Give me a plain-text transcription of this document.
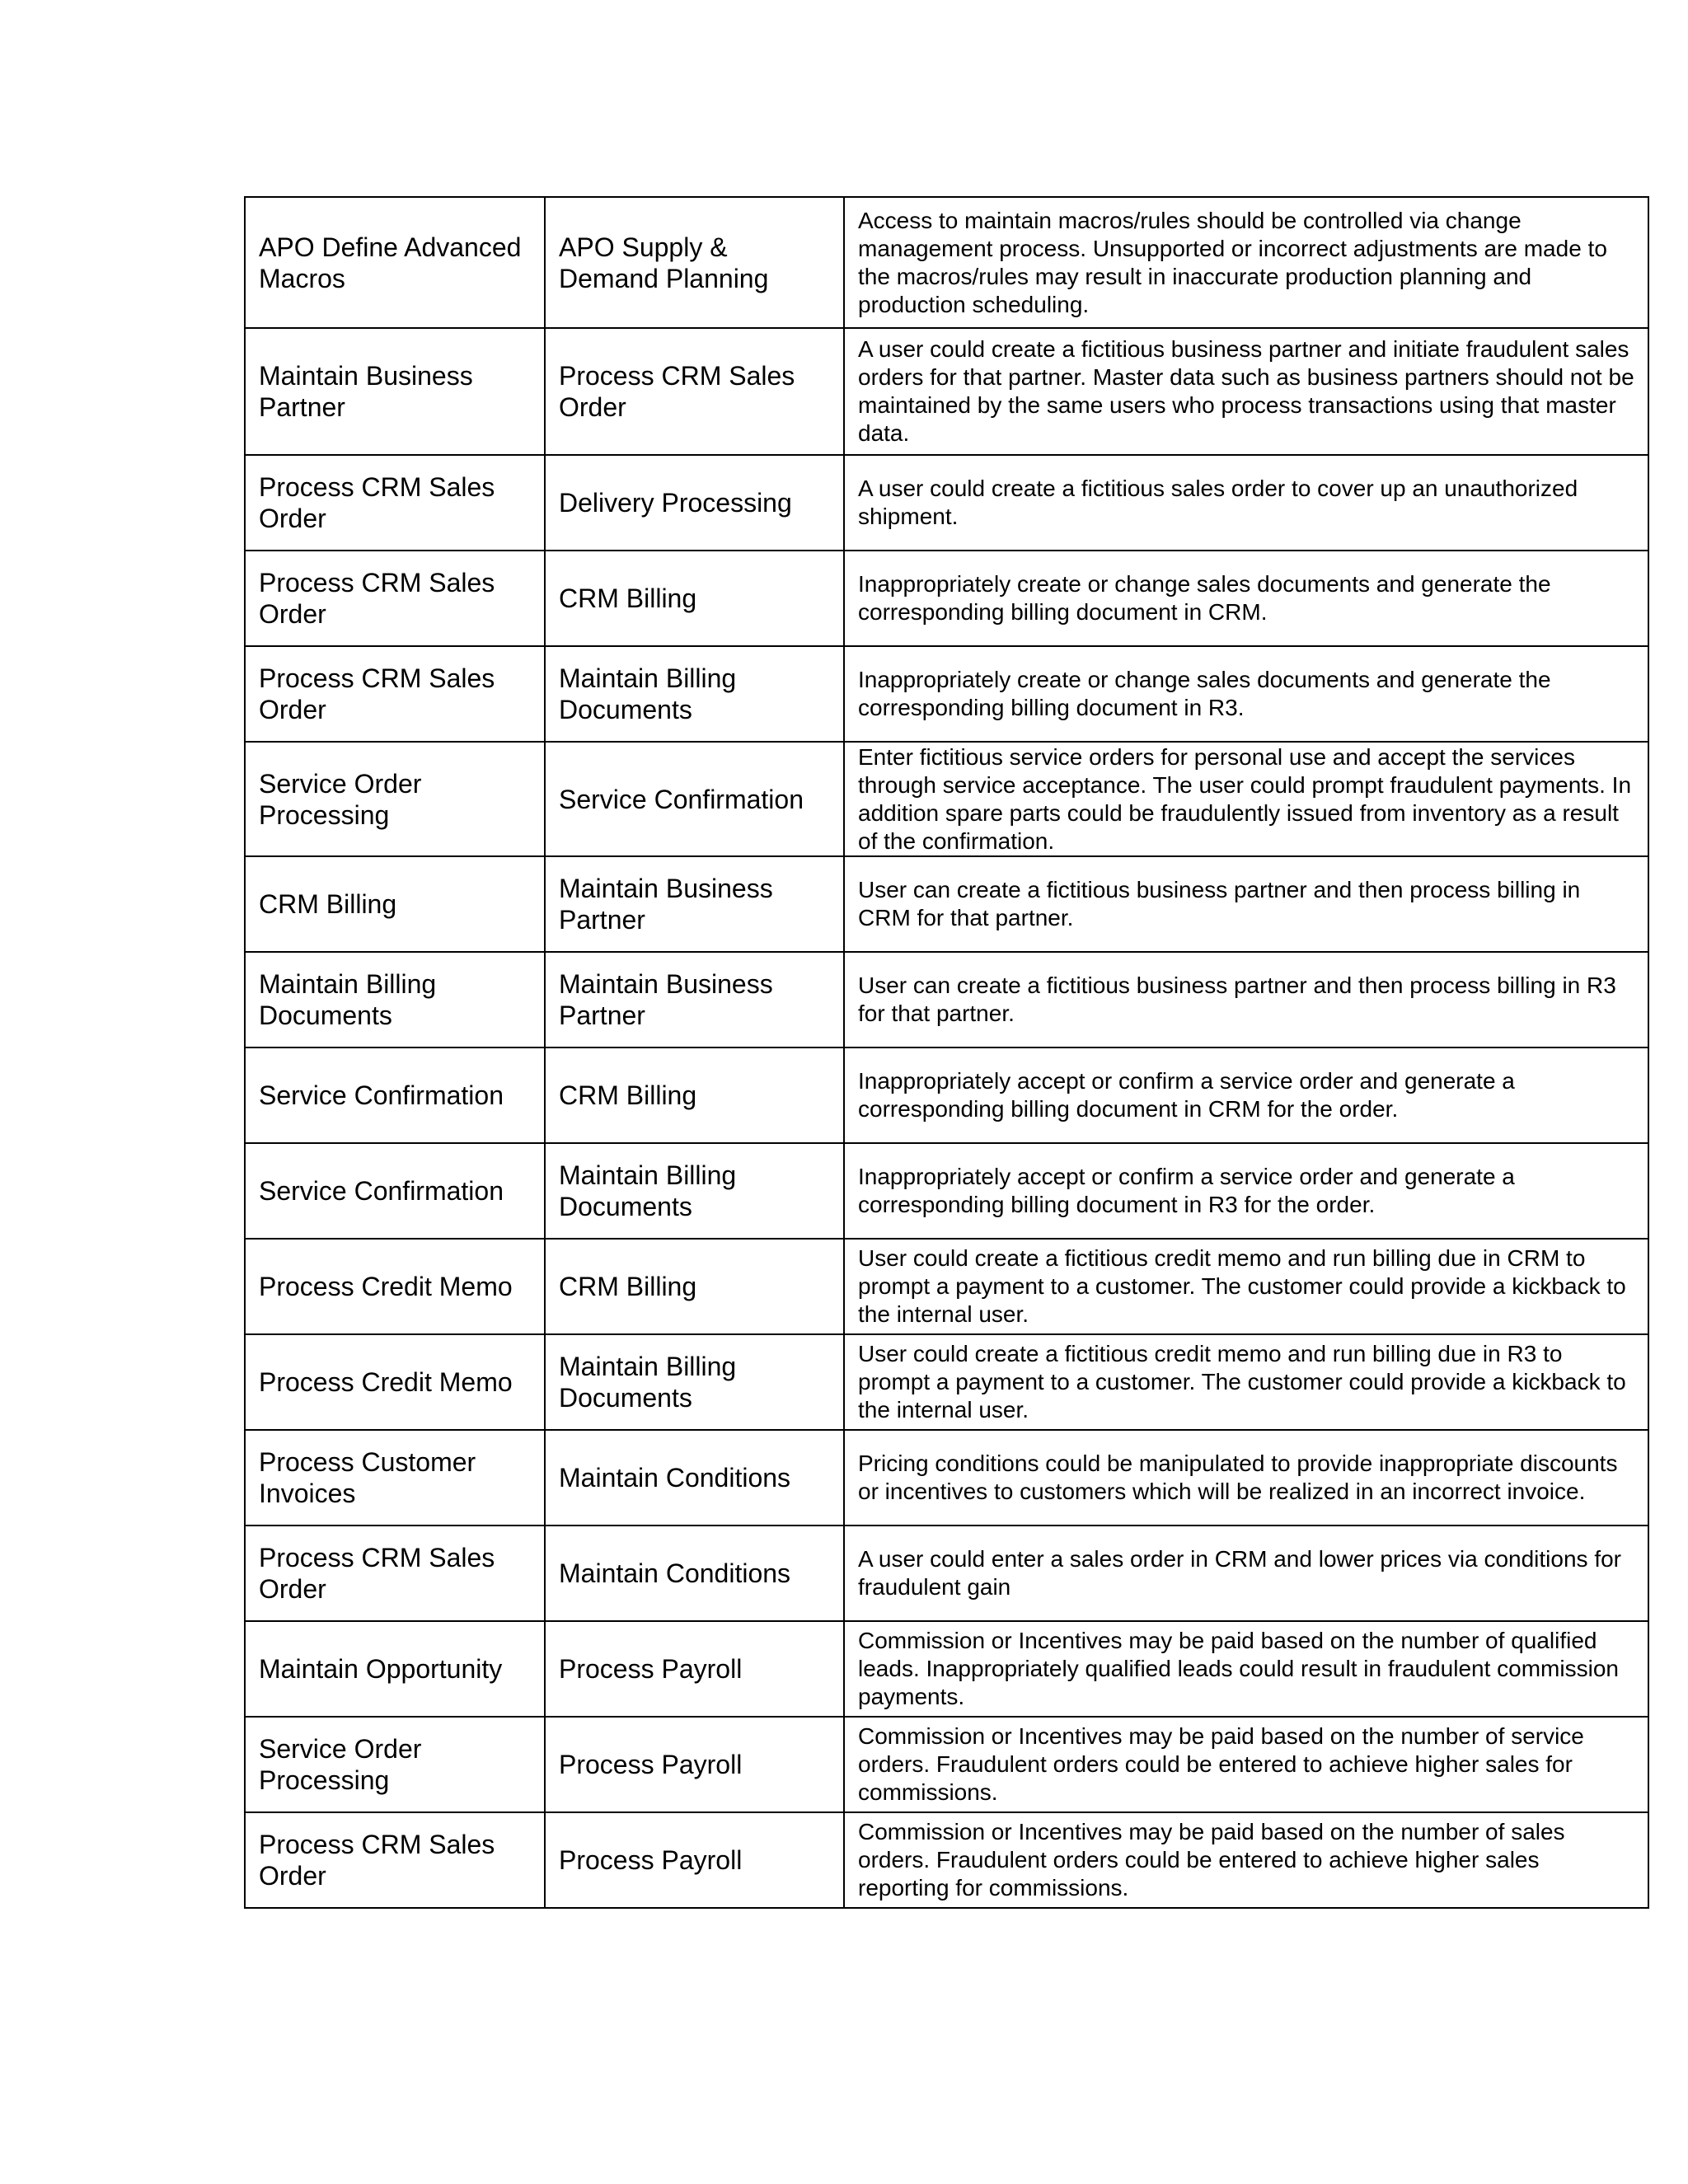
APO Define Advanced Macros	APO Supply & Demand Planning	Access to maintain macros/rules should be controlled via change management process. Unsupported or incorrect adjustments are made to the macros/rules may result in inaccurate production planning and production scheduling.
Maintain Business Partner	Process CRM Sales Order	A user could create a fictitious business partner and initiate fraudulent sales orders for that partner. Master data such as business partners should not be maintained by the same users who process transactions using that master data.
Process CRM Sales Order	Delivery Processing	A user could create a fictitious sales order to cover up an unauthorized shipment.
Process CRM Sales Order	CRM Billing	Inappropriately create or change sales documents and generate the corresponding billing document in CRM.
Process CRM Sales Order	Maintain Billing Documents	Inappropriately create or change sales documents and generate the corresponding billing document in R3.
Service Order Processing	Service Confirmation	Enter fictitious service orders for personal use and accept the services through service acceptance. The user could prompt fraudulent payments. In addition spare parts could be fraudulently issued from inventory as a result of the confirmation.
CRM Billing	Maintain Business Partner	User can create a fictitious business partner and then process billing in CRM for that partner.
Maintain Billing Documents	Maintain Business Partner	User can create a fictitious business partner and then process billing in R3 for that partner.
Service Confirmation	CRM Billing	Inappropriately accept or confirm a service order and generate a corresponding billing document in CRM for the order.
Service Confirmation	Maintain Billing Documents	Inappropriately accept or confirm a service order and generate a corresponding billing document in R3 for the order.
Process Credit Memo	CRM Billing	User could create a fictitious credit memo and run billing due in CRM to prompt a payment to a customer. The customer could provide a kickback to the internal user.
Process Credit Memo	Maintain Billing Documents	User could create a fictitious credit memo and run billing due in R3 to prompt a payment to a customer. The customer could provide a kickback to the internal user.
Process Customer Invoices	Maintain Conditions	Pricing conditions could be manipulated to provide inappropriate discounts or incentives to customers which will be realized in an incorrect invoice.
Process CRM Sales Order	Maintain Conditions	A user could enter a sales order in CRM and lower prices via conditions for fraudulent gain
Maintain Opportunity	Process Payroll	Commission or Incentives may be paid based on the number of qualified leads. Inappropriately qualified leads could result in fraudulent commission payments.
Service Order Processing	Process Payroll	Commission or Incentives may be paid based on the number of service orders. Fraudulent orders could be entered to achieve higher sales for commissions.
Process CRM Sales Order	Process Payroll	Commission or Incentives may be paid based on the number of sales orders. Fraudulent orders could be entered to achieve higher sales reporting for commissions.
